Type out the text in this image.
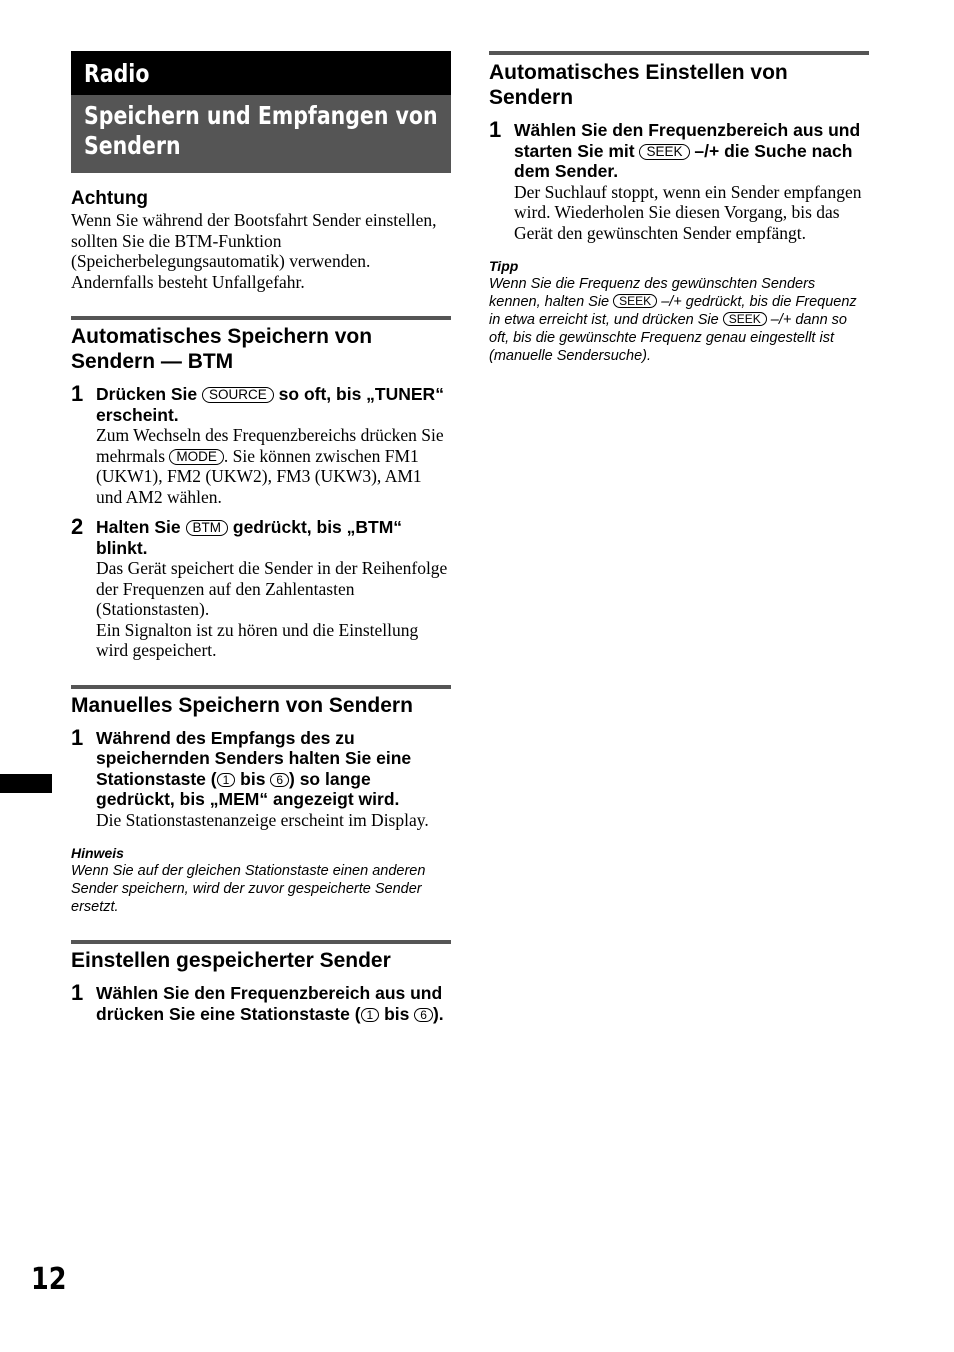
Radio
Speichern und Empfangen von Sendern
Achtung
Wenn Sie während der Bootsfahrt Sender einstellen, sollten Sie die BTM-Funktion (Speicherbelegungsautomatik) verwenden. Andernfalls besteht Unfallgefahr.
Automatisches Speichern von Sendern — BTM
1 Drücken Sie SOURCE so oft, bis „TUNER“ erscheint.
Zum Wechseln des Frequenzbereichs drücken Sie mehrmals MODE . Sie können zwischen FM1 (UKW1), FM2 (UKW2), FM3 (UKW3), AM1 und AM2 wählen.
2 Halten Sie BTM gedrückt, bis „BTM“ blinkt.
Das Gerät speichert die Sender in der Reihenfolge der Frequenzen auf den Zahlentasten (Stationstasten).
Ein Signalton ist zu hören und die Einstellung wird gespeichert.
Manuelles Speichern von Sendern
1 Während des Empfangs des zu speichernden Senders halten Sie eine Stationstaste ( 1 bis 6 ) so lange gedrückt, bis „MEM“ angezeigt wird.
Die Stationstastenanzeige erscheint im Display.
Hinweis
Wenn Sie auf der gleichen Stationstaste einen anderen Sender speichern, wird der zuvor gespeicherte Sender ersetzt.
Einstellen gespeicherter Sender
1 Wählen Sie den Frequenzbereich aus und drücken Sie eine Stationstaste ( 1 bis 6 ).
Automatisches Einstellen von Sendern
1 Wählen Sie den Frequenzbereich aus und starten Sie mit SEEK –/+ die Suche nach dem Sender.
Der Suchlauf stoppt, wenn ein Sender empfangen wird. Wiederholen Sie diesen Vorgang, bis das Gerät den gewünschten Sender empfängt.
Tipp
Wenn Sie die Frequenz des gewünschten Senders kennen, halten Sie SEEK –/+ gedrückt, bis die Frequenz in etwa erreicht ist, und drücken Sie SEEK –/+ dann so oft, bis die gewünschte Frequenz genau eingestellt ist (manuelle Sendersuche).
12
